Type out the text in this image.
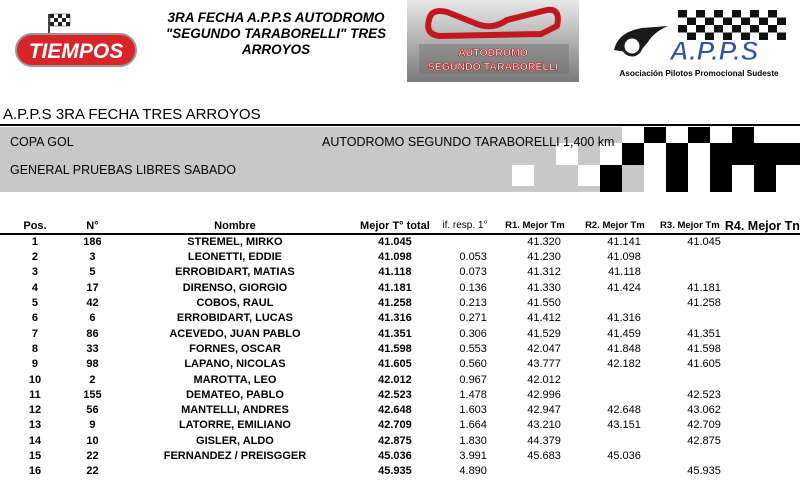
TIEMPOS
3RA FECHA A.P.P.S AUTODROMO
"SEGUNDO TARABORELLI" TRES
ARROYOS	AUTODROMO
SEGUNDO TARABORELLI
A.P.P.S
Asociación Pilotos Promocional Sudeste
A.P.P.S 3RA FECHA TRES ARROYOS
COPA GOL	AUTODROMO SEGUNDO TARABORELLI 1,400 km
GENERAL PRUEBAS LIBRES SABADO
Pos.	N°	Nombre	Mejor T° total	if. resp. 1°	R1. Mejor Tm	R2. Mejor Tm	R3. Mejor Tm	R4. Mejor Tn
1	186	STREMEL, MIRKO	41.045		41.320	41.141	41.045	
2	3	LEONETTI, EDDIE	41.098	0.053	41.230	41.098		
3	5	ERROBIDART, MATIAS	41.118	0.073	41.312	41.118		
4	17	DIRENSO, GIORGIO	41.181	0.136	41.330	41.424	41.181	
5	42	COBOS, RAUL	41.258	0.213	41.550		41.258	
6	6	ERROBIDART, LUCAS	41.316	0.271	41.412	41.316		
7	86	ACEVEDO, JUAN PABLO	41.351	0.306	41.529	41.459	41.351	
8	33	FORNES, OSCAR	41.598	0.553	42.047	41.848	41.598	
9	98	LAPANO, NICOLAS	41.605	0.560	43.777	42.182	41.605	
10	2	MAROTTA, LEO	42.012	0.967	42.012			
11	155	DEMATEO, PABLO	42.523	1.478	42.996		42.523	
12	56	MANTELLI, ANDRES	42.648	1.603	42.947	42.648	43.062	
13	9	LATORRE, EMILIANO	42.709	1.664	43.210	43.151	42.709	
14	10	GISLER, ALDO	42.875	1.830	44.379		42.875	
15	22	FERNANDEZ / PREISGGER	45.036	3.991	45.683	45.036		
16	22		45.935	4.890			45.935	
